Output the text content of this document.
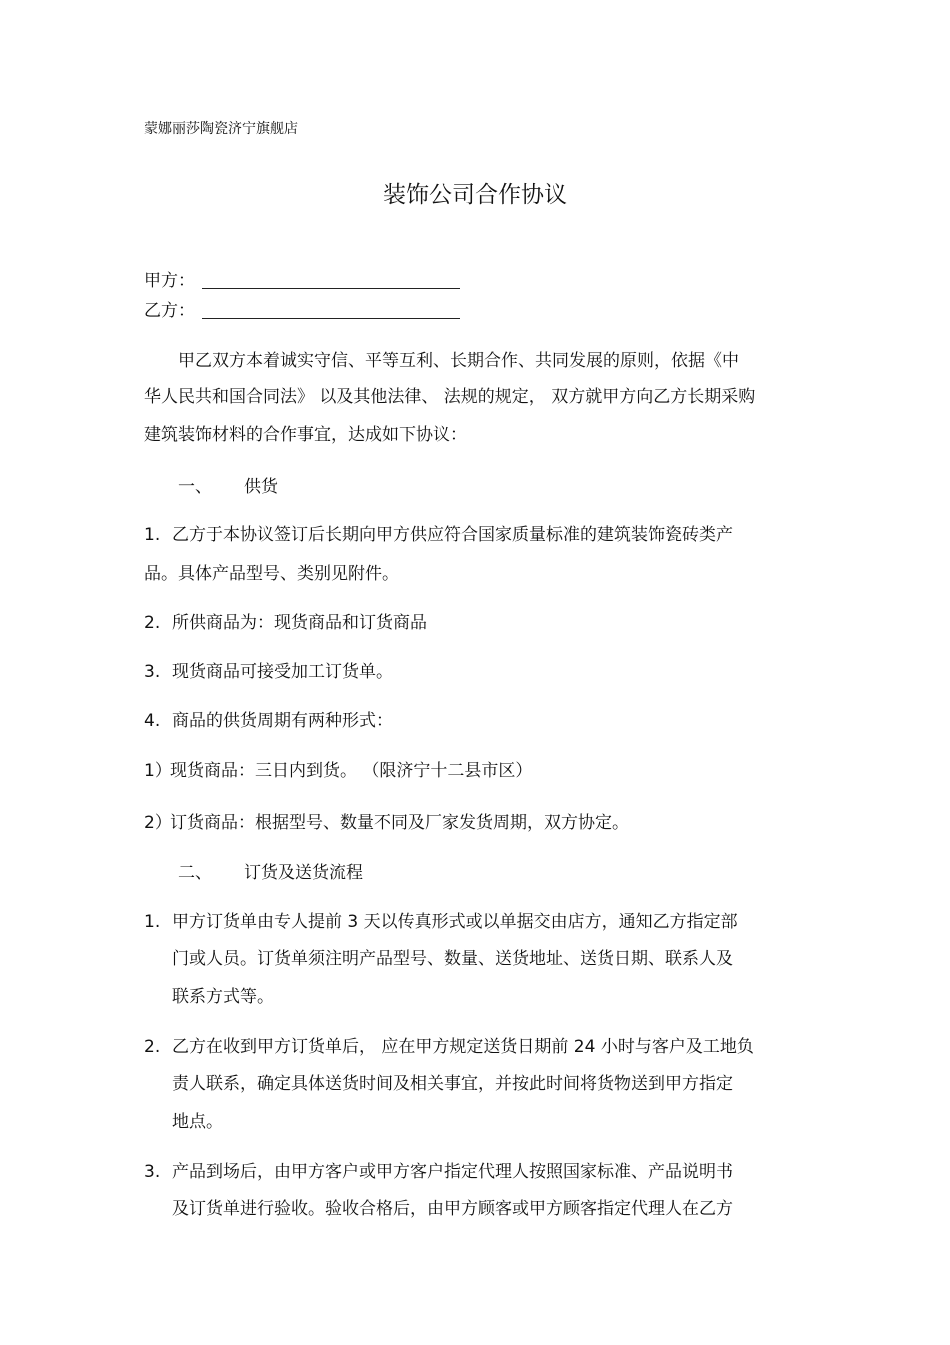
蒙娜丽莎陶瓷济宁旗舰店
装饰公司合作协议
甲方：
乙方：
甲乙双方本着诚实守信、平等互利、长期合作、共同发展的原则，依据《中
华人民共和国合同法》 以及其他法律、 法规的规定， 双方就甲方向乙方长期采购
建筑装饰材料的合作事宜，达成如下协议：
一、 供货
1. 乙方于本协议签订后长期向甲方供应符合国家质量标准的建筑装饰瓷砖类产
品。具体产品型号、类别见附件。
2. 所供商品为：现货商品和订货商品
3. 现货商品可接受加工订货单。
4. 商品的供货周期有两种形式：
1）
现货商品：三日内到货。 （限济宁十二县市区）
2）
订货商品：根据型号、数量不同及厂家发货周期，双方协定。
二、 订货及送货流程
1. 甲方订货单由专人提前 3 天以传真形式或以单据交由店方，通知乙方指定部
门或人员。订货单须注明产品型号、数量、送货地址、送货日期、联系人及
联系方式等。
2. 乙方在收到甲方订货单后， 应在甲方规定送货日期前 24 小时与客户及工地负
责人联系，确定具体送货时间及相关事宜，并按此时间将货物送到甲方指定
地点。
3. 产品到场后，由甲方客户或甲方客户指定代理人按照国家标准、产品说明书
及订货单进行验收。验收合格后，由甲方顾客或甲方顾客指定代理人在乙方
